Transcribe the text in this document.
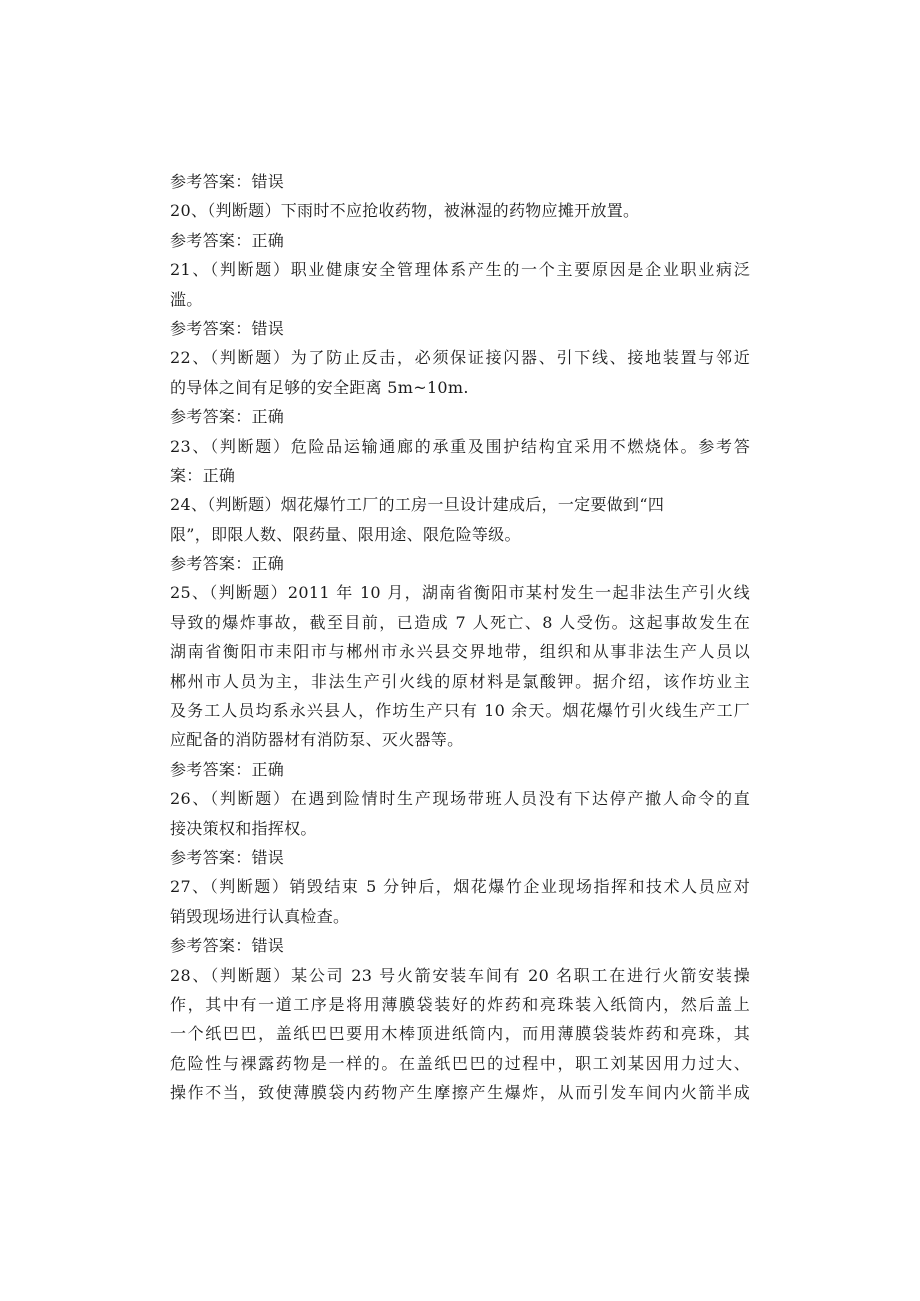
参考答案：错误
20、（判断题）下雨时不应抢收药物，被淋湿的药物应摊开放置。
参考答案：正确
21、（判断题）职业健康安全管理体系产生的一个主要原因是企业职业病泛
滥。
参考答案：错误
22、（判断题）为了防止反击，必须保证接闪器、引下线、接地装置与邻近
的导体之间有足够的安全距离 5m~10m.
参考答案：正确
23、（判断题）危险品运输通廊的承重及围护结构宜采用不燃烧体。参考答
案：正确
24、（判断题）烟花爆竹工厂的工房一旦设计建成后，一定要做到“四
限”，即限人数、限药量、限用途、限危险等级。
参考答案：正确
25、（判断题）2011 年 10 月，湖南省衡阳市某村发生一起非法生产引火线
导致的爆炸事故，截至目前，已造成 7 人死亡、8 人受伤。这起事故发生在
湖南省衡阳市耒阳市与郴州市永兴县交界地带，组织和从事非法生产人员以
郴州市人员为主，非法生产引火线的原材料是氯酸钾。据介绍，该作坊业主
及务工人员均系永兴县人，作坊生产只有 10 余天。烟花爆竹引火线生产工厂
应配备的消防器材有消防泵、灭火器等。
参考答案：正确
26、（判断题）在遇到险情时生产现场带班人员没有下达停产撤人命令的直
接决策权和指挥权。
参考答案：错误
27、（判断题）销毁结束 5 分钟后，烟花爆竹企业现场指挥和技术人员应对
销毁现场进行认真检查。
参考答案：错误
28、（判断题）某公司 23 号火箭安装车间有 20 名职工在进行火箭安装操
作，其中有一道工序是将用薄膜袋装好的炸药和亮珠装入纸筒内，然后盖上
一个纸巴巴，盖纸巴巴要用木棒顶进纸筒内，而用薄膜袋装炸药和亮珠，其
危险性与裸露药物是一样的。在盖纸巴巴的过程中，职工刘某因用力过大、
操作不当，致使薄膜袋内药物产生摩擦产生爆炸，从而引发车间内火箭半成
